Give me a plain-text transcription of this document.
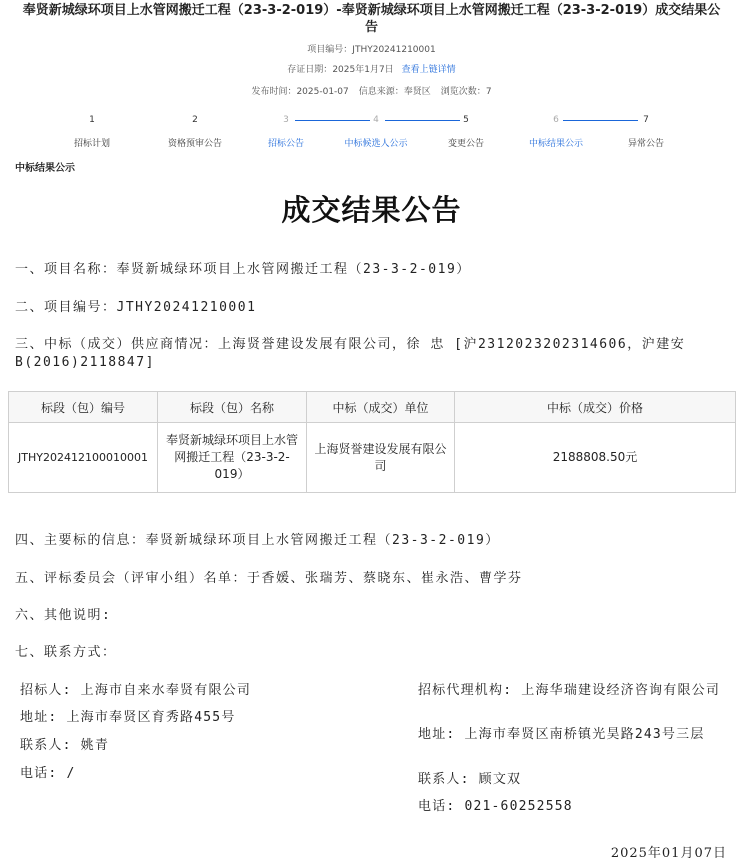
奉贤新城绿环项目上水管网搬迁工程（23-3-2-019）-奉贤新城绿环项目上水管网搬迁工程（23-3-2-019）成交结果公告
项目编号：JTHY20241210001
存证日期：2025年1月7日 查看上链详情
发布时间：2025-01-07 信息来源：奉贤区 浏览次数：7
1
招标计划
2
资格预审公告
3
招标公告
4
中标候选人公示
5
变更公告
6
中标结果公示
7
异常公告
中标结果公示
成交结果公告
一、项目名称：奉贤新城绿环项目上水管网搬迁工程（23-3-2-019）
二、项目编号：JTHY20241210001
三、中标（成交）供应商情况：上海贤誉建设发展有限公司，徐 忠 [沪2312023202314606，沪建安B(2016)2118847]
标段（包）编号	标段（包）名称	中标（成交）单位	中标（成交）价格
JTHY202412100010001	奉贤新城绿环项目上水管网搬迁工程（23-3-2-019）	上海贤誉建设发展有限公司	2188808.50元
四、主要标的信息：奉贤新城绿环项目上水管网搬迁工程（23-3-2-019）
五、评标委员会（评审小组）名单：于香媛、张瑞芳、蔡晓东、崔永浩、曹学芬
六、其他说明:
七、联系方式：
招标人: 上海市自来水奉贤有限公司
地址: 上海市奉贤区育秀路455号
联系人: 姚青
电话: /
招标代理机构: 上海华瑞建设经济咨询有限公司
地址: 上海市奉贤区南桥镇光昊路243号三层
联系人: 顾文双
电话: 021-60252558
2025年01月07日
